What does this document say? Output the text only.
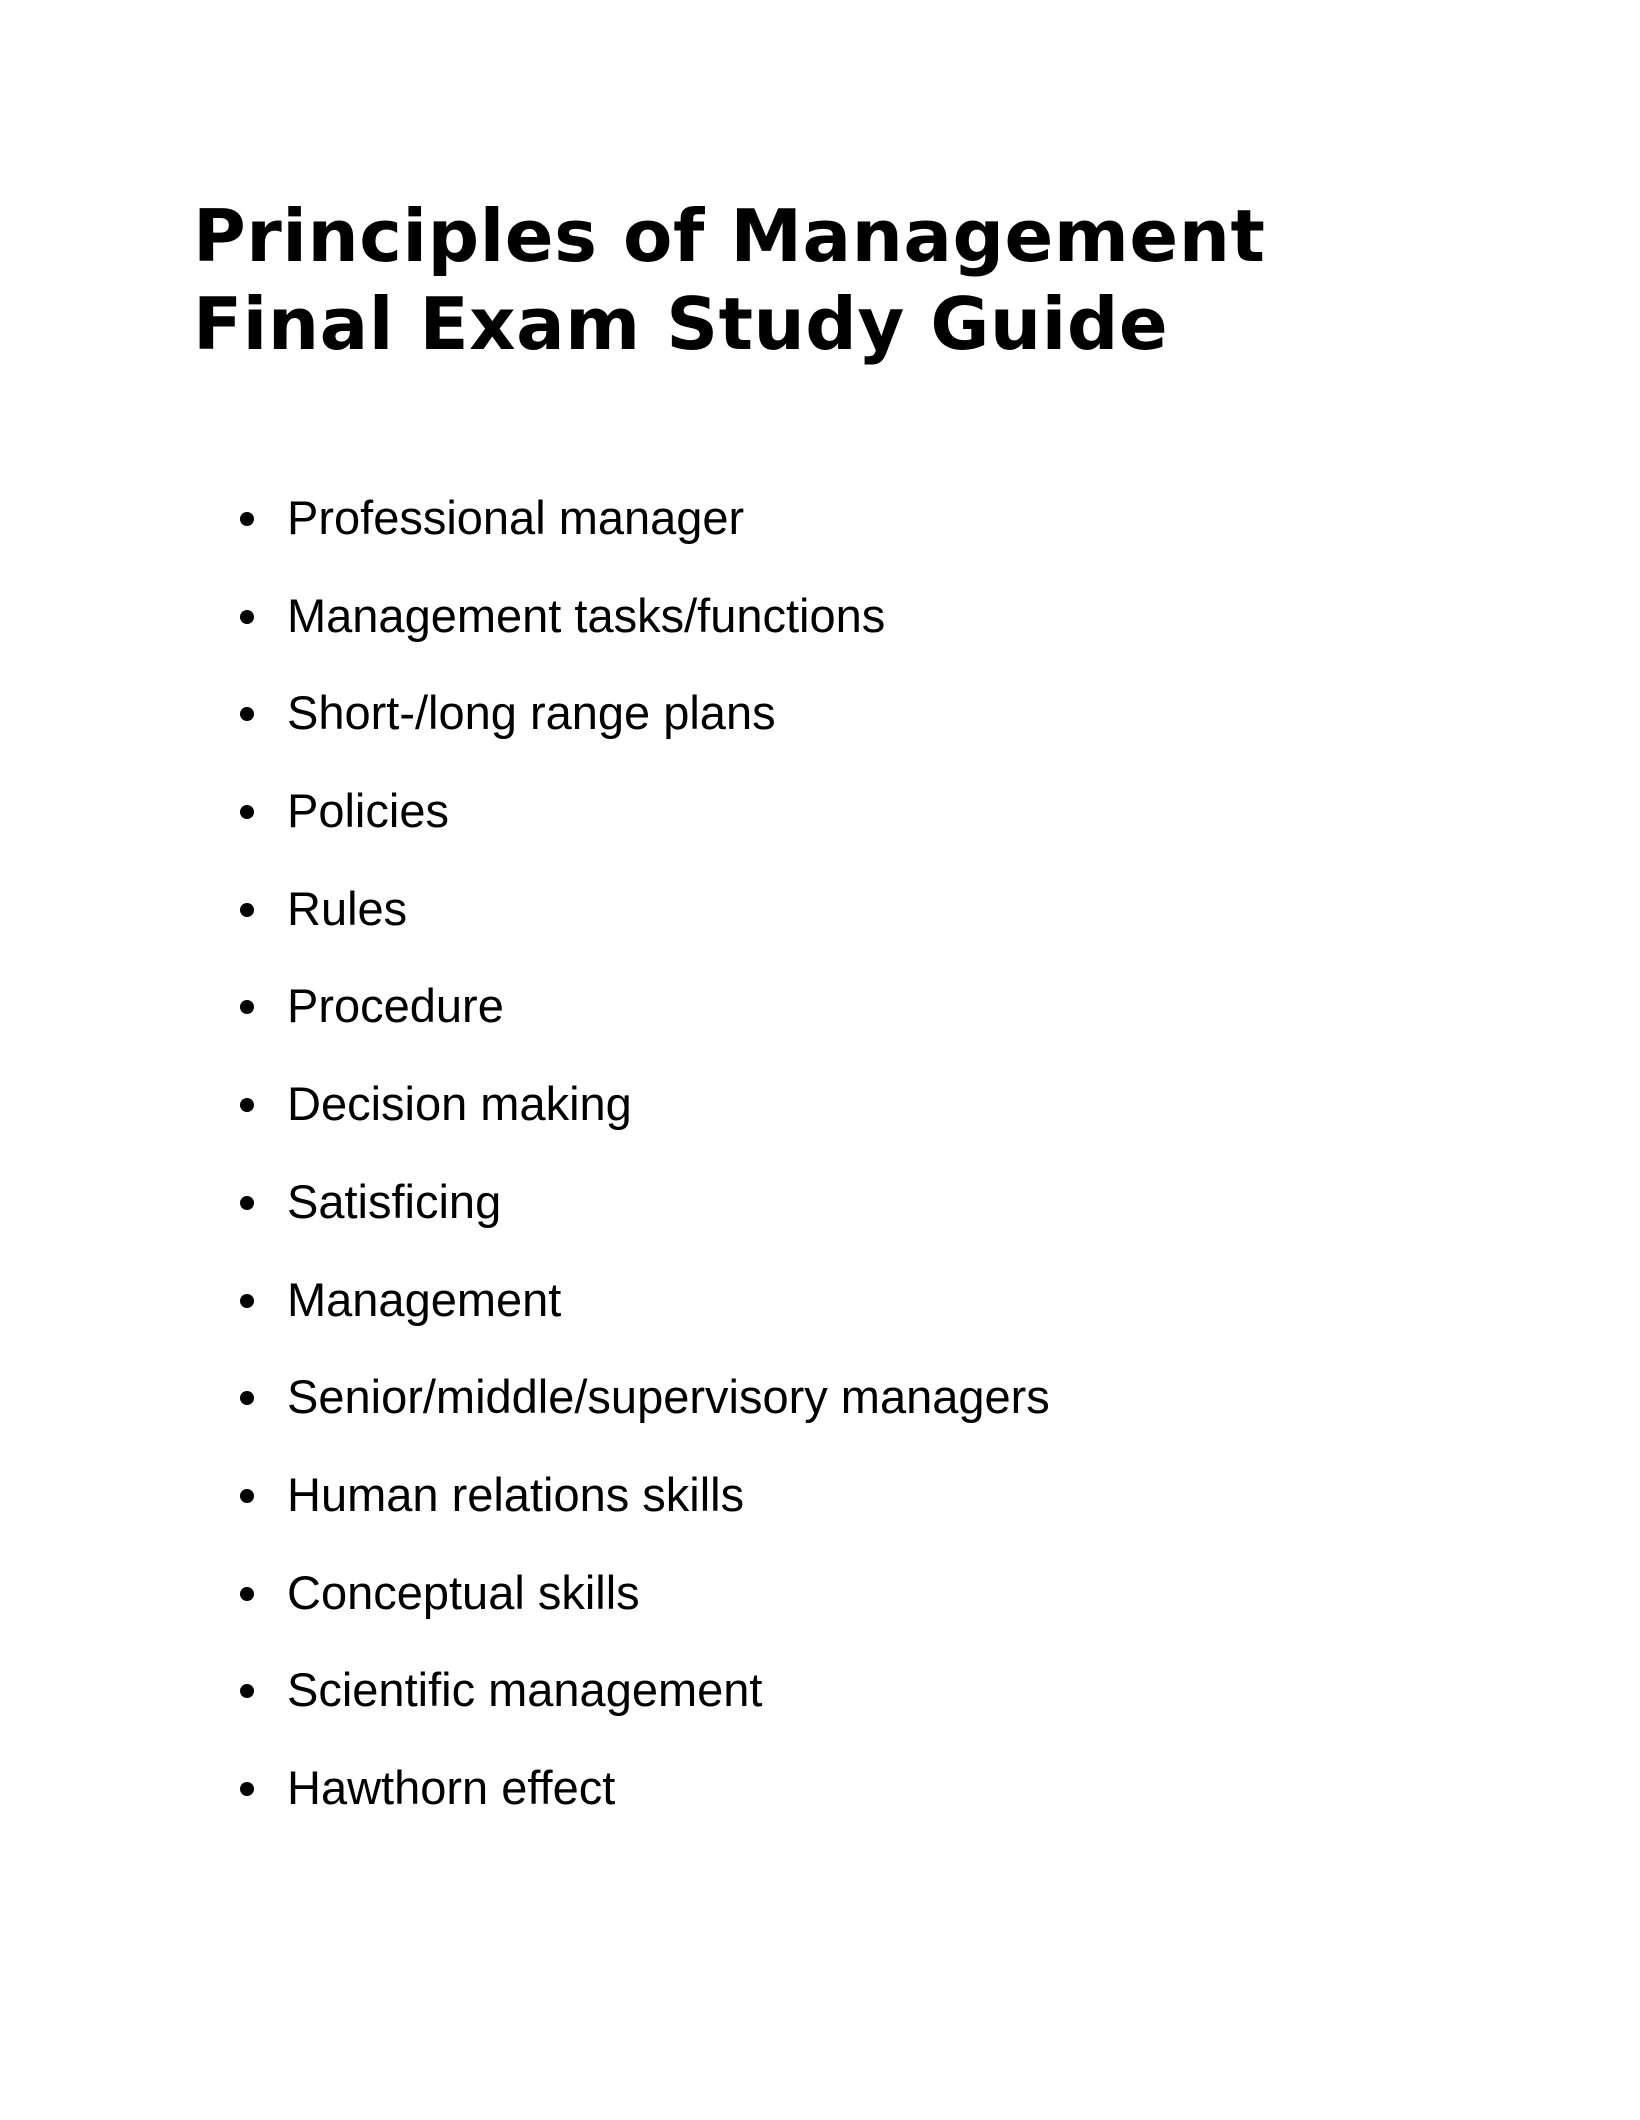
Principles of Management
Final Exam Study Guide
Professional manager
Management tasks/functions
Short-/long range plans
Policies
Rules
Procedure
Decision making
Satisficing
Management
Senior/middle/supervisory managers
Human relations skills
Conceptual skills
Scientific management
Hawthorn effect
